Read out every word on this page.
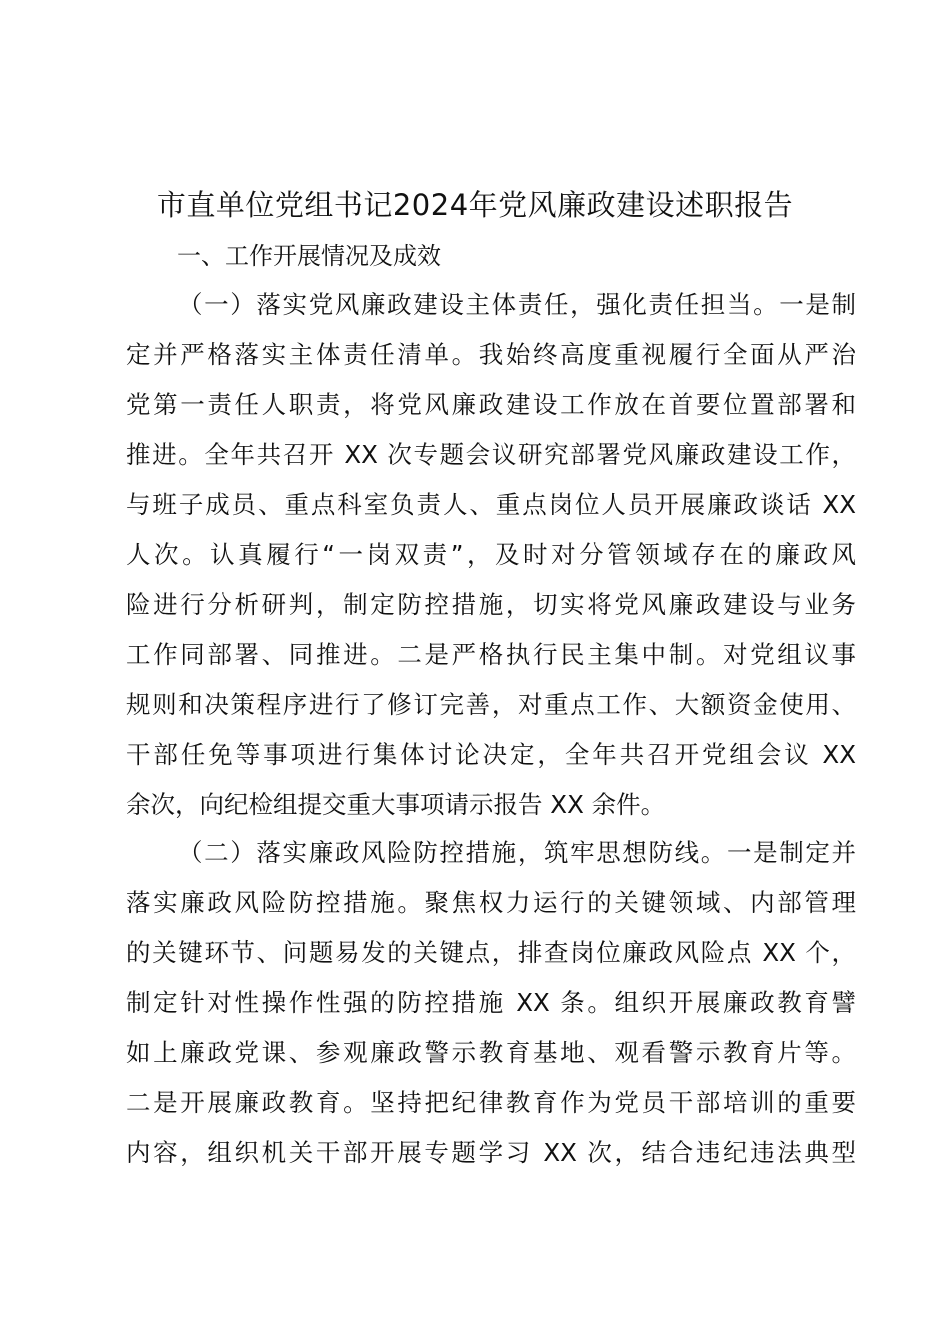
市直单位党组书记2024年党风廉政建设述职报告
一、工作开展情况及成效
（一）落实党风廉政建设主体责任，强化责任担当。一是制
定并严格落实主体责任清单。我始终高度重视履行全面从严治
党第一责任人职责，将党风廉政建设工作放在首要位置部署和
推进。全年共召开 XX 次专题会议研究部署党风廉政建设工作，
与班子成员、重点科室负责人、重点岗位人员开展廉政谈话 XX
人次。认真履行“一岗双责”，及时对分管领域存在的廉政风
险进行分析研判，制定防控措施，切实将党风廉政建设与业务
工作同部署、同推进。二是严格执行民主集中制。对党组议事
规则和决策程序进行了修订完善，对重点工作、大额资金使用、
干部任免等事项进行集体讨论决定，全年共召开党组会议 XX
余次，向纪检组提交重大事项请示报告 XX 余件。
（二）落实廉政风险防控措施，筑牢思想防线。一是制定并
落实廉政风险防控措施。聚焦权力运行的关键领域、内部管理
的关键环节、问题易发的关键点，排查岗位廉政风险点 XX 个，
制定针对性操作性强的防控措施 XX 条。组织开展廉政教育譬
如上廉政党课、参观廉政警示教育基地、观看警示教育片等。
二是开展廉政教育。坚持把纪律教育作为党员干部培训的重要
内容，组织机关干部开展专题学习 XX 次，结合违纪违法典型
